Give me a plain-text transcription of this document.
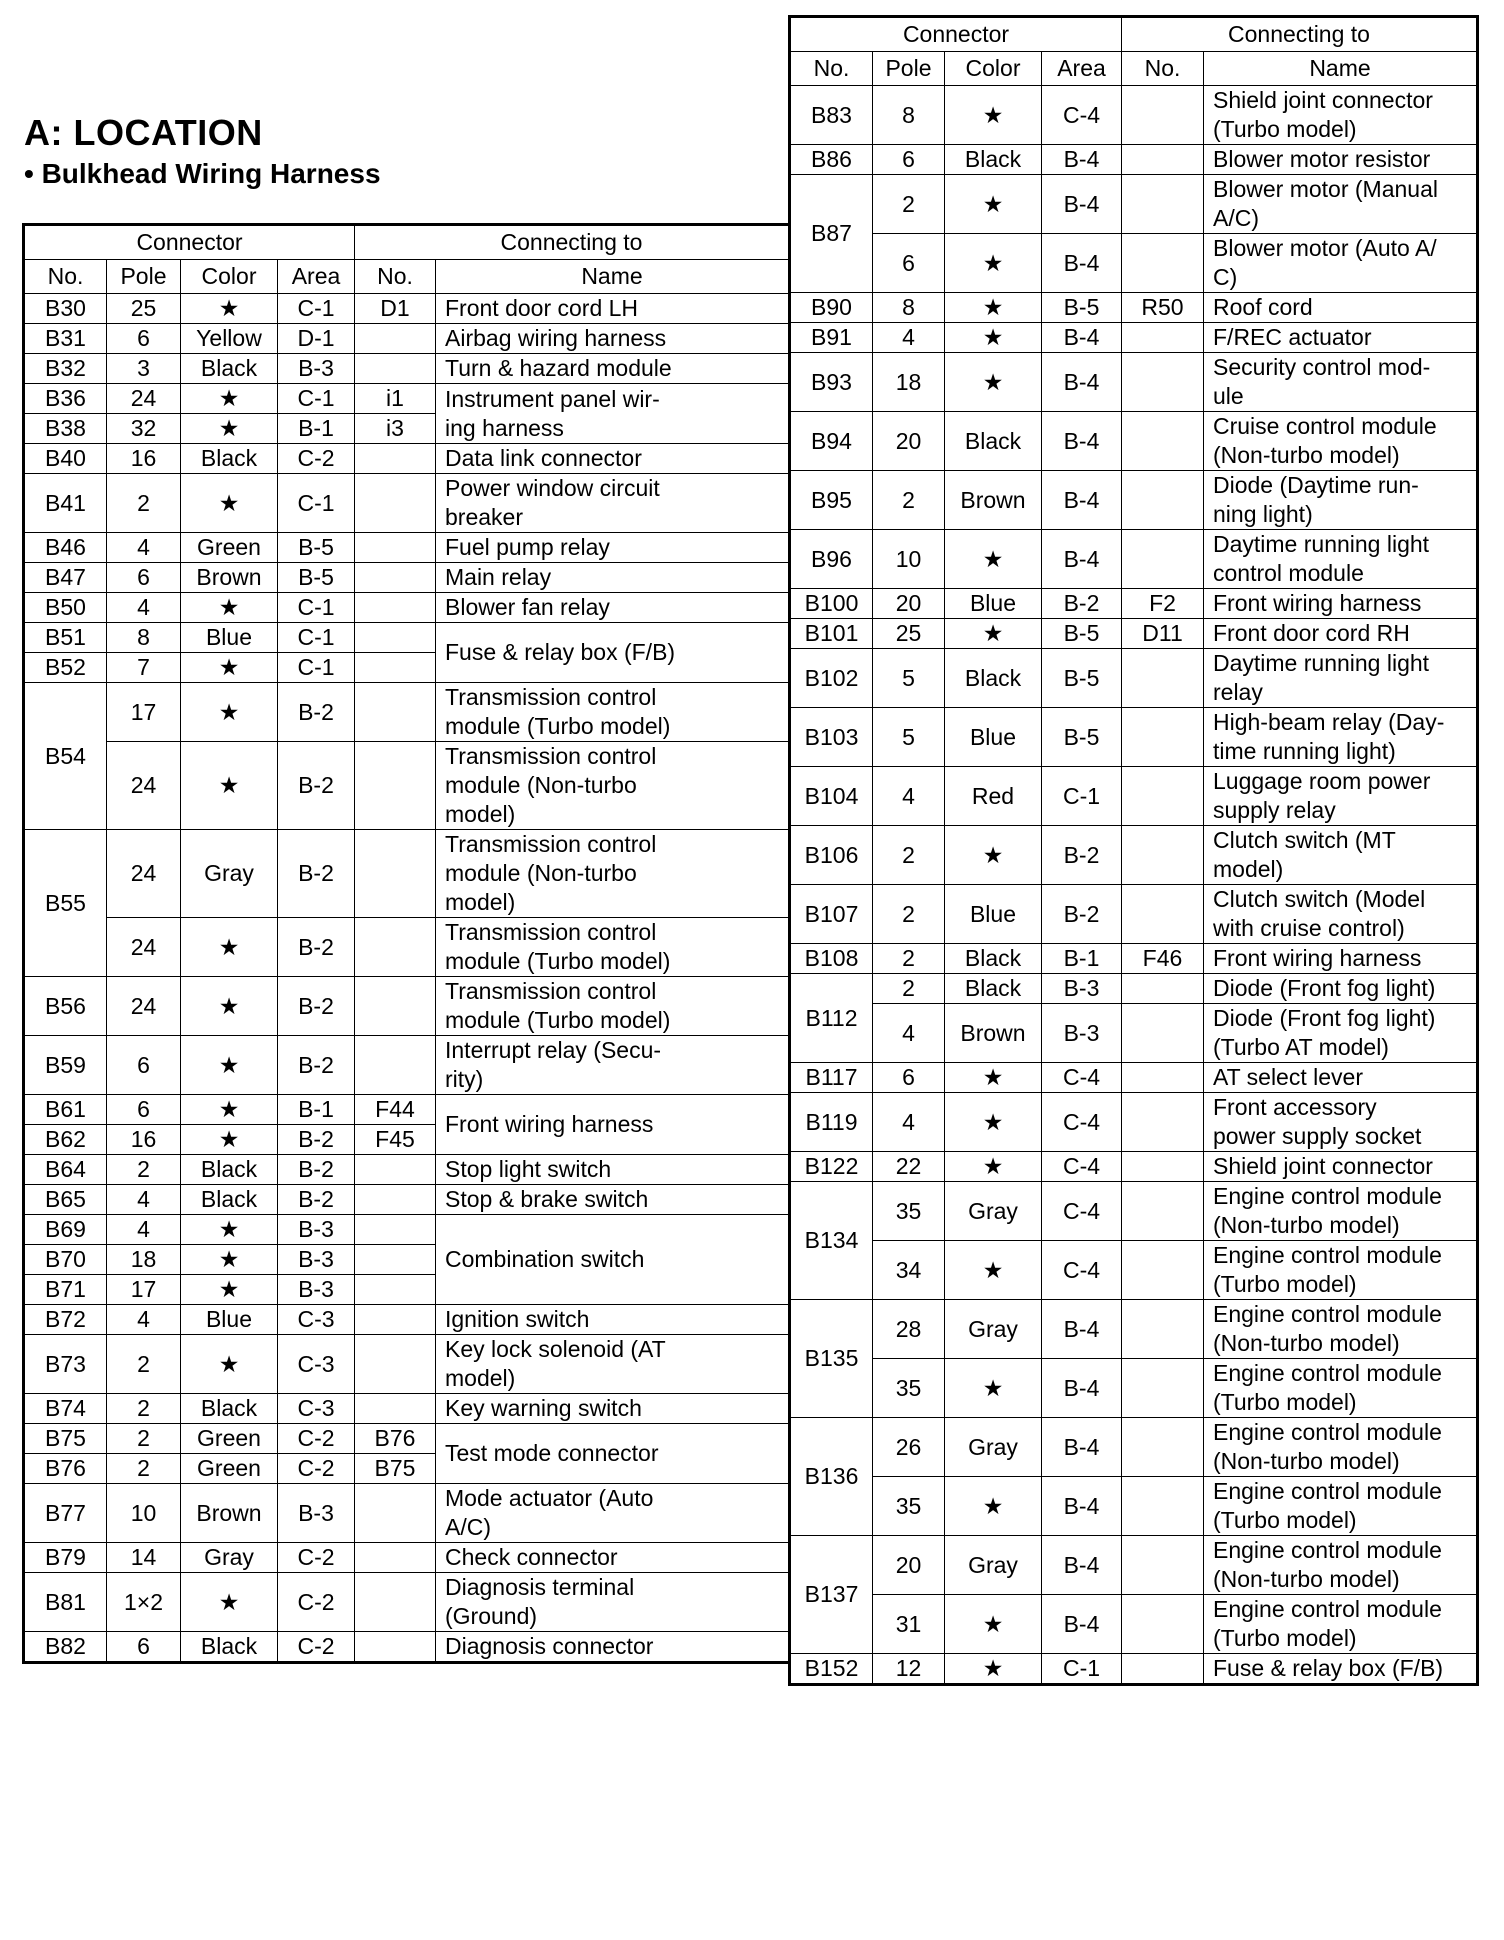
A: LOCATION
• Bulkhead Wiring Harness
Connector				Connecting to	
No.	Pole	Color	Area	No.	Name
B30	25	★	C-1	D1	Front door cord LH
B31	6	Yellow	D-1		Airbag wiring harness
B32	3	Black	B-3		Turn & hazard module
B36	24	★	C-1	i1	Instrument panel wir-
ing harness
B38	32	★	B-1	i3	
B40	16	Black	C-2		Data link connector
B41	2	★	C-1		Power window circuit
breaker
B46	4	Green	B-5		Fuel pump relay
B47	6	Brown	B-5		Main relay
B50	4	★	C-1		Blower fan relay
B51	8	Blue	C-1		Fuse & relay box (F/B)
B52	7	★	C-1		
B54	17	★	B-2		Transmission control
module (Turbo model)
	24	★	B-2		Transmission control
module (Non-turbo
model)
B55	24	Gray	B-2		Transmission control
module (Non-turbo
model)
	24	★	B-2		Transmission control
module (Turbo model)
B56	24	★	B-2		Transmission control
module (Turbo model)
B59	6	★	B-2		Interrupt relay (Secu-
rity)
B61	6	★	B-1	F44	Front wiring harness
B62	16	★	B-2	F45	
B64	2	Black	B-2		Stop light switch
B65	4	Black	B-2		Stop & brake switch
B69	4	★	B-3		Combination switch
B70	18	★	B-3		
B71	17	★	B-3		
B72	4	Blue	C-3		Ignition switch
B73	2	★	C-3		Key lock solenoid (AT
model)
B74	2	Black	C-3		Key warning switch
B75	2	Green	C-2	B76	Test mode connector
B76	2	Green	C-2	B75	
B77	10	Brown	B-3		Mode actuator (Auto
A/C)
B79	14	Gray	C-2		Check connector
B81	1×2	★	C-2		Diagnosis terminal
(Ground)
B82	6	Black	C-2		Diagnosis connector
Connector				Connecting to	
No.	Pole	Color	Area	No.	Name
B83	8	★	C-4		Shield joint connector
(Turbo model)
B86	6	Black	B-4		Blower motor resistor
B87	2	★	B-4		Blower motor (Manual
A/C)
	6	★	B-4		Blower motor (Auto A/
C)
B90	8	★	B-5	R50	Roof cord
B91	4	★	B-4		F/REC actuator
B93	18	★	B-4		Security control mod-
ule
B94	20	Black	B-4		Cruise control module
(Non-turbo model)
B95	2	Brown	B-4		Diode (Daytime run-
ning light)
B96	10	★	B-4		Daytime running light
control module
B100	20	Blue	B-2	F2	Front wiring harness
B101	25	★	B-5	D11	Front door cord RH
B102	5	Black	B-5		Daytime running light
relay
B103	5	Blue	B-5		High-beam relay (Day-
time running light)
B104	4	Red	C-1		Luggage room power
supply relay
B106	2	★	B-2		Clutch switch (MT
model)
B107	2	Blue	B-2		Clutch switch (Model
with cruise control)
B108	2	Black	B-1	F46	Front wiring harness
B112	2	Black	B-3		Diode (Front fog light)
	4	Brown	B-3		Diode (Front fog light)
(Turbo AT model)
B117	6	★	C-4		AT select lever
B119	4	★	C-4		Front accessory
power supply socket
B122	22	★	C-4		Shield joint connector
B134	35	Gray	C-4		Engine control module
(Non-turbo model)
	34	★	C-4		Engine control module
(Turbo model)
B135	28	Gray	B-4		Engine control module
(Non-turbo model)
	35	★	B-4		Engine control module
(Turbo model)
B136	26	Gray	B-4		Engine control module
(Non-turbo model)
	35	★	B-4		Engine control module
(Turbo model)
B137	20	Gray	B-4		Engine control module
(Non-turbo model)
	31	★	B-4		Engine control module
(Turbo model)
B152	12	★	C-1		Fuse & relay box (F/B)
